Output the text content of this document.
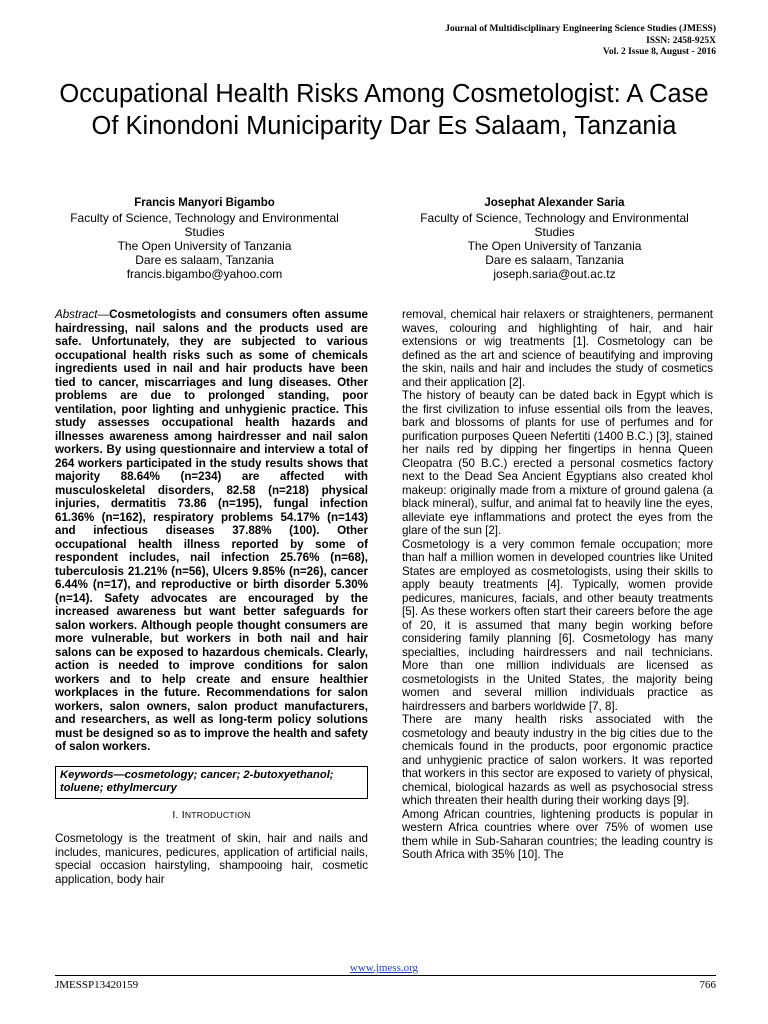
Journal of Multidisciplinary Engineering Science Studies (JMESS)
ISSN: 2458-925X
Vol. 2 Issue 8, August - 2016
Occupational Health Risks Among Cosmetologist: A Case Of Kinondoni Municiparity Dar Es Salaam, Tanzania
Francis Manyori Bigambo
Faculty of Science, Technology and Environmental Studies
The Open University of Tanzania
Dare es salaam, Tanzania
francis.bigambo@yahoo.com
Josephat Alexander Saria
Faculty of Science, Technology and Environmental Studies
The Open University of Tanzania
Dare es salaam, Tanzania
joseph.saria@out.ac.tz

Abstract—Cosmetologists and consumers often assume hairdressing, nail salons and the products used are safe. Unfortunately, they are subjected to various occupational health risks such as some of chemicals ingredients used in nail and hair products have been tied to cancer, miscarriages and lung diseases. Other problems are due to prolonged standing, poor ventilation, poor lighting and unhygienic practice. This study assesses occupational health hazards and illnesses awareness among hairdresser and nail salon workers. By using questionnaire and interview a total of 264 workers participated in the study results shows that majority 88.64% (n=234) are affected with musculoskeletal disorders, 82.58 (n=218) physical injuries, dermatitis 73.86 (n=195), fungal infection 61.36% (n=162), respiratory problems 54.17% (n=143) and infectious diseases 37.88% (100). Other occupational health illness reported by some of respondent includes, nail infection 25.76% (n=68), tuberculosis 21.21% (n=56), Ulcers 9.85% (n=26), cancer 6.44% (n=17), and reproductive or birth disorder 5.30% (n=14). Safety advocates are encouraged by the increased awareness but want better safeguards for salon workers. Although people thought consumers are more vulnerable, but workers in both nail and hair salons can be exposed to hazardous chemicals. Clearly, action is needed to improve conditions for salon workers and to help create and ensure healthier workplaces in the future. Recommendations for salon workers, salon owners, salon product manufacturers, and researchers, as well as long-term policy solutions must be designed so as to improve the health and safety of salon workers.

Keywords—cosmetology; cancer; 2-butoxyethanol; toluene; ethylmercury
I. INTRODUCTION

Cosmetology is the treatment of skin, hair and nails and includes, manicures, pedicures, application of artificial nails, special occasion hairstyling, shampooing hair, cosmetic application, body hair

removal, chemical hair relaxers or straighteners, permanent waves, colouring and highlighting of hair, and hair extensions or wig treatments [1]. Cosmetology can be defined as the art and science of beautifying and improving the skin, nails and hair and includes the study of cosmetics and their application [2].

The history of beauty can be dated back in Egypt which is the first civilization to infuse essential oils from the leaves, bark and blossoms of plants for use of perfumes and for purification purposes Queen Nefertiti (1400 B.C.) [3], stained her nails red by dipping her fingertips in henna Queen Cleopatra (50 B.C.) erected a personal cosmetics factory next to the Dead Sea Ancient Egyptians also created khol makeup: originally made from a mixture of ground galena (a black mineral), sulfur, and animal fat to heavily line the eyes, alleviate eye inflammations and protect the eyes from the glare of the sun [2].

Cosmetology is a very common female occupation; more than half a million women in developed countries like United States are employed as cosmetologists, using their skills to apply beauty treatments [4]. Typically, women provide pedicures, manicures, facials, and other beauty treatments [5]. As these workers often start their careers before the age of 20, it is assumed that many begin working before considering family planning [6]. Cosmetology has many specialties, including hairdressers and nail technicians. More than one million individuals are licensed as cosmetologists in the United States, the majority being women and several million individuals practice as hairdressers and barbers worldwide [7, 8].

There are many health risks associated with the cosmetology and beauty industry in the big cities due to the chemicals found in the products, poor ergonomic practice and unhygienic practice of salon workers. It was reported that workers in this sector are exposed to variety of physical, chemical, biological hazards as well as psychosocial stress which threaten their health during their working days [9].

Among African countries, lightening products is popular in western Africa countries where over 75% of women use them while in Sub-Saharan countries; the leading country is South Africa with 35% [10]. The

www.jmess.org
JMESSP13420159	766
